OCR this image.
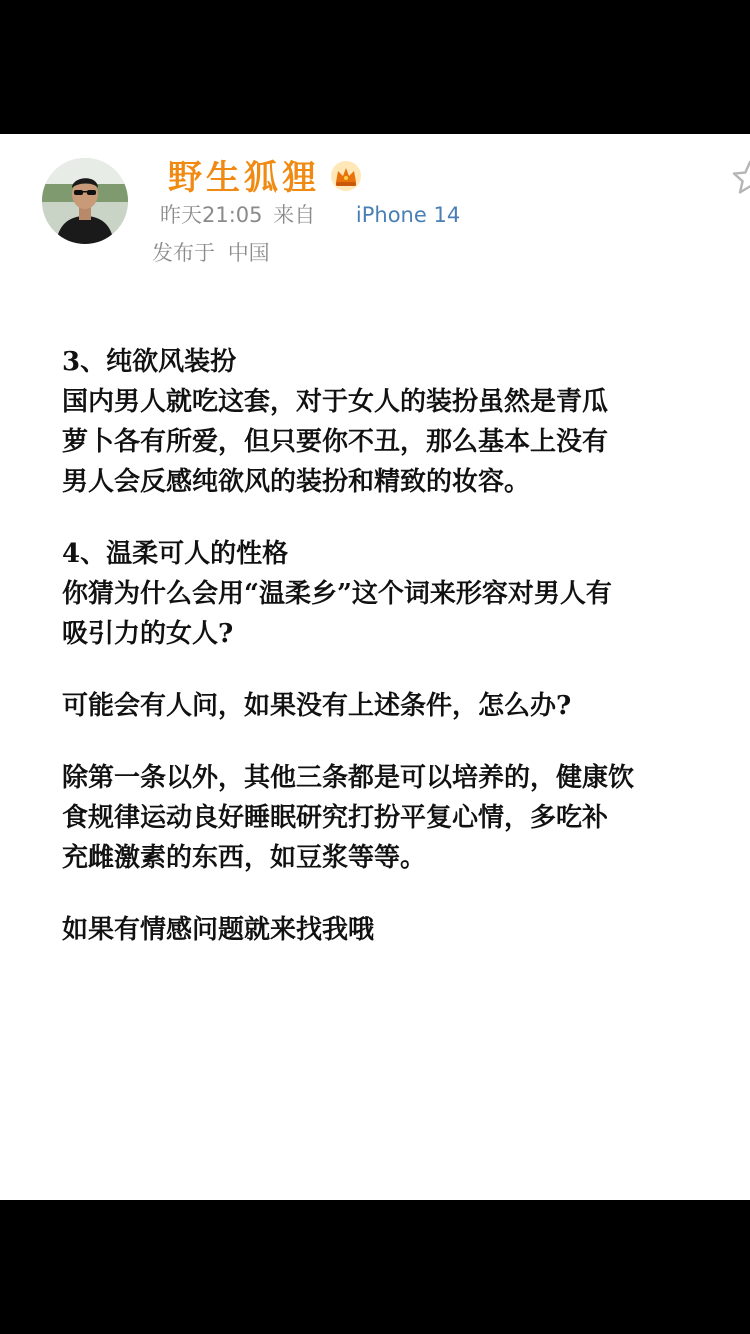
野生狐狸
昨天21:05 来自 iPhone 14
发布于 中国
3、纯欲风装扮
国内男人就吃这套，对于女人的装扮虽然是青瓜
萝卜各有所爱，但只要你不丑，那么基本上没有
男人会反感纯欲风的装扮和精致的妆容。
4、温柔可人的性格
你猜为什么会用“温柔乡”这个词来形容对男人有
吸引力的女人?
可能会有人问，如果没有上述条件，怎么办?
除第一条以外，其他三条都是可以培养的，健康饮
食规律运动良好睡眠研究打扮平复心情，多吃补
充雌激素的东西，如豆浆等等。
如果有情感问题就来找我哦
